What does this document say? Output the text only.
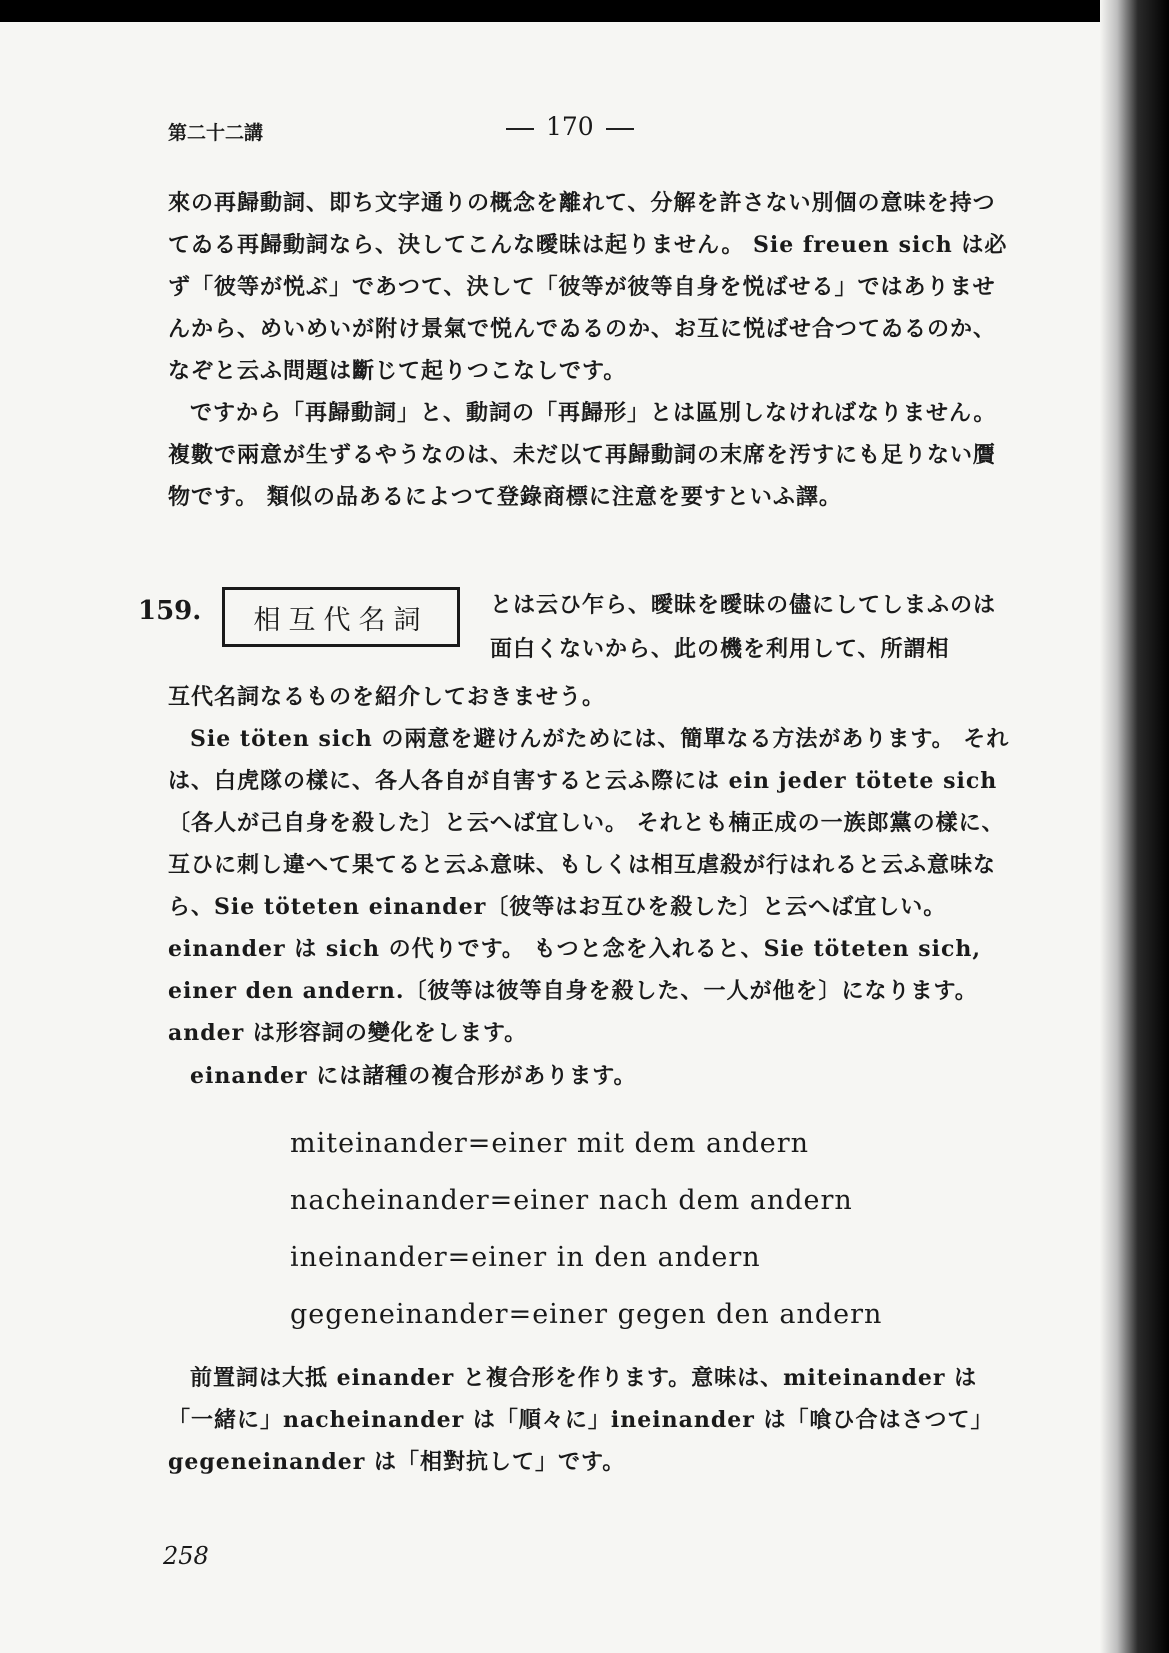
第二十二講	170
來の再歸動詞、即ち文字通りの概念を離れて、分解を許さない別個の意味を持つてゐる再歸動詞なら、決してこんな曖昧は起りません。 Sie freuen sich は必ず「彼等が悦ぶ」であつて、決して「彼等が彼等自身を悦ばせる」ではありませんから、めいめいが附け景氣で悦んでゐるのか、お互に悦ばせ合つてゐるのか、なぞと云ふ問題は斷じて起りつこなしです。
ですから「再歸動詞」と、動詞の「再歸形」とは區別しなければなりません。複數で兩意が生ずるやうなのは、未だ以て再歸動詞の末席を汚すにも足りない贋物です。 類似の品あるによつて登錄商標に注意を要すといふ譯。
159. 相互代名詞	とは云ひ乍ら、曖昧を曖昧の儘にしてしまふのは面白くないから、此の機を利用して、所謂相
互代名詞なるものを紹介しておきませう。
Sie töten sich の兩意を避けんがためには、簡單なる方法があります。 それは、白虎隊の樣に、各人各自が自害すると云ふ際には ein jeder tötete sich〔各人が己自身を殺した〕と云へば宜しい。 それとも楠正成の一族郎黨の樣に、互ひに刺し違へて果てると云ふ意味、もしくは相互虐殺が行はれると云ふ意味なら、Sie töteten einander〔彼等はお互ひを殺した〕と云へば宜しい。einander は sich の代りです。 もつと念を入れると、Sie töteten sich, einer den andern.〔彼等は彼等自身を殺した、一人が他を〕になります。 ander は形容詞の變化をします。
einander には諸種の複合形があります。
miteinander=einer mit dem andern
nacheinander=einer nach dem andern
ineinander=einer in den andern
gegeneinander=einer gegen den andern
前置詞は大抵 einander と複合形を作ります。意味は、miteinander は「一緒に」nacheinander は「順々に」ineinander は「喰ひ合はさつて」gegeneinander は「相對抗して」です。
258
